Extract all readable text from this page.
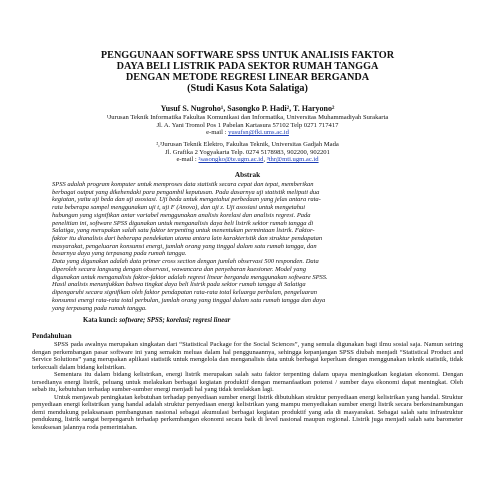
PENGGUNAAN SOFTWARE SPSS UNTUK ANALISIS FAKTOR
DAYA BELI LISTRIK PADA SEKTOR RUMAH TANGGA
DENGAN METODE REGRESI LINEAR BERGANDA
(Studi Kasus Kota Salatiga)
Yusuf S. Nugroho¹, Sasongko P. Hadi², T. Haryono²
¹Jurusan Teknik Informatika Fakultas Komunikasi dan Informatika, Universitas Muhammadiyah Surakarta
Jl. A. Yani Tromol Pos 1 Pabelan Kartasura 57102 Telp 0271 717417
e-mail : yusufsn@fki.ums.ac.id
²,³Jurusan Teknik Elektro, Fakultas Teknik, Universitas Gadjah Mada
Jl. Grafika 2 Yogyakarta Telp. 0274 5178983, 902200, 902201
e-mail : ²sasongko@te.ugm.ac.id, ³thr@mti.ugm.ac.id
Abstrak

SPSS adalah program komputer untuk memproses data statistik secara cepat dan tepat, memberikan

berbagai output yang dikehendaki para pengambil keputusan. Pada dasarnya uji statistik meliputi dua

kegiatan, yaitu uji beda dan uji asosiasi. Uji beda untuk mengetahui perbedaan yang jelas antara rata-

rata beberapa sampel menggunakan uji t, uji F (Anova), dan uji z. Uji asosiasi untuk mengetahui

hubungan yang signifikan antar variabel menggunakan analisis korelasi dan analisis regresi. Pada

penelitian ini, software SPSS digunakan untuk menganalisis daya beli listrik sektor rumah tangga di

Salatiga, yang merupakan salah satu faktor terpenting untuk menentukan permintaan listrik. Faktor-

faktor itu dianalisis dari beberapa pendekatan utama antara lain karakteristik dan struktur pendapatan

masyarakat, pengeluaran konsumsi energi, jumlah orang yang tinggal dalam satu rumah tangga, dan

besarnya daya yang terpasang pada rumah tangga.

Data yang digunakan adalah data primer cross section dengan jumlah observasi 500 responden. Data

diperoleh secara langsung dengan observasi, wawancara dan penyebaran kuesioner. Model yang

digunakan untuk menganalisis faktor-faktor adalah regresi linear berganda menggunakan software SPSS.

Hasil analisis menunjukkan bahwa tingkat daya beli listrik pada sektor rumah tangga di Salatiga

dipengaruhi secara signifikan oleh faktor pendapatan rata-rata total keluarga perbulan, pengeluaran

konsumsi energi rata-rata total perbulan, jumlah orang yang tinggal dalam satu rumah tangga dan daya

yang terpasang pada rumah tangga.

Kata kunci: software; SPSS; korelasi; regresi linear
Pendahuluan

SPSS pada awalnya merupakan singkatan dari “Statistical Package for the Social Sciences”, yang semula digunakan bagi ilmu sosial saja. Namun seiring dengan perkembangan pasar software ini yang semakin meluas dalam hal penggunaannya, sehingga kepanjangan SPSS diubah menjadi “Statistical Product and Service Solutions” yang merupakan aplikasi statistik untuk mengelola dan menganalisis data untuk berbagai keperluan dengan menggunakan teknik statistik, tidak terkecuali dalam bidang kelistrikan.

Sementara itu dalam bidang kelistrikan, energi listrik merupakan salah satu faktor terpenting dalam upaya meningkatkan kegiatan ekonomi. Dengan tersedianya energi listrik, peluang untuk melakukan berbagai kegiatan produktif dengan memanfaatkan potensi / sumber daya ekonomi dapat meningkat. Oleh sebab itu, kebutuhan terhadap sumber-sumber energi menjadi hal yang tidak terelakkan lagi.

Untuk menjawab peningkatan kebutuhan terhadap penyediaan sumber energi listrik dibutuhkan struktur penyediaan energi kelistrikan yang handal. Struktur penyediaan energi kelistrikan yang handal adalah struktur penyediaan energi kelistrikan yang mampu menyediakan sumber energi listrik secara berkesinambungan demi mendukung pelaksanaan pembangunan nasional sebagai akumulasi berbagai kegiatan produktif yang ada di masyarakat. Sebagai salah satu infrastruktur pendukung, listrik sangat berpengaruh terhadap perkembangan ekonomi secara baik di level nasional maupun regional. Listrik juga menjadi salah satu barometer kesuksesan jalannya roda pemerintahan.
